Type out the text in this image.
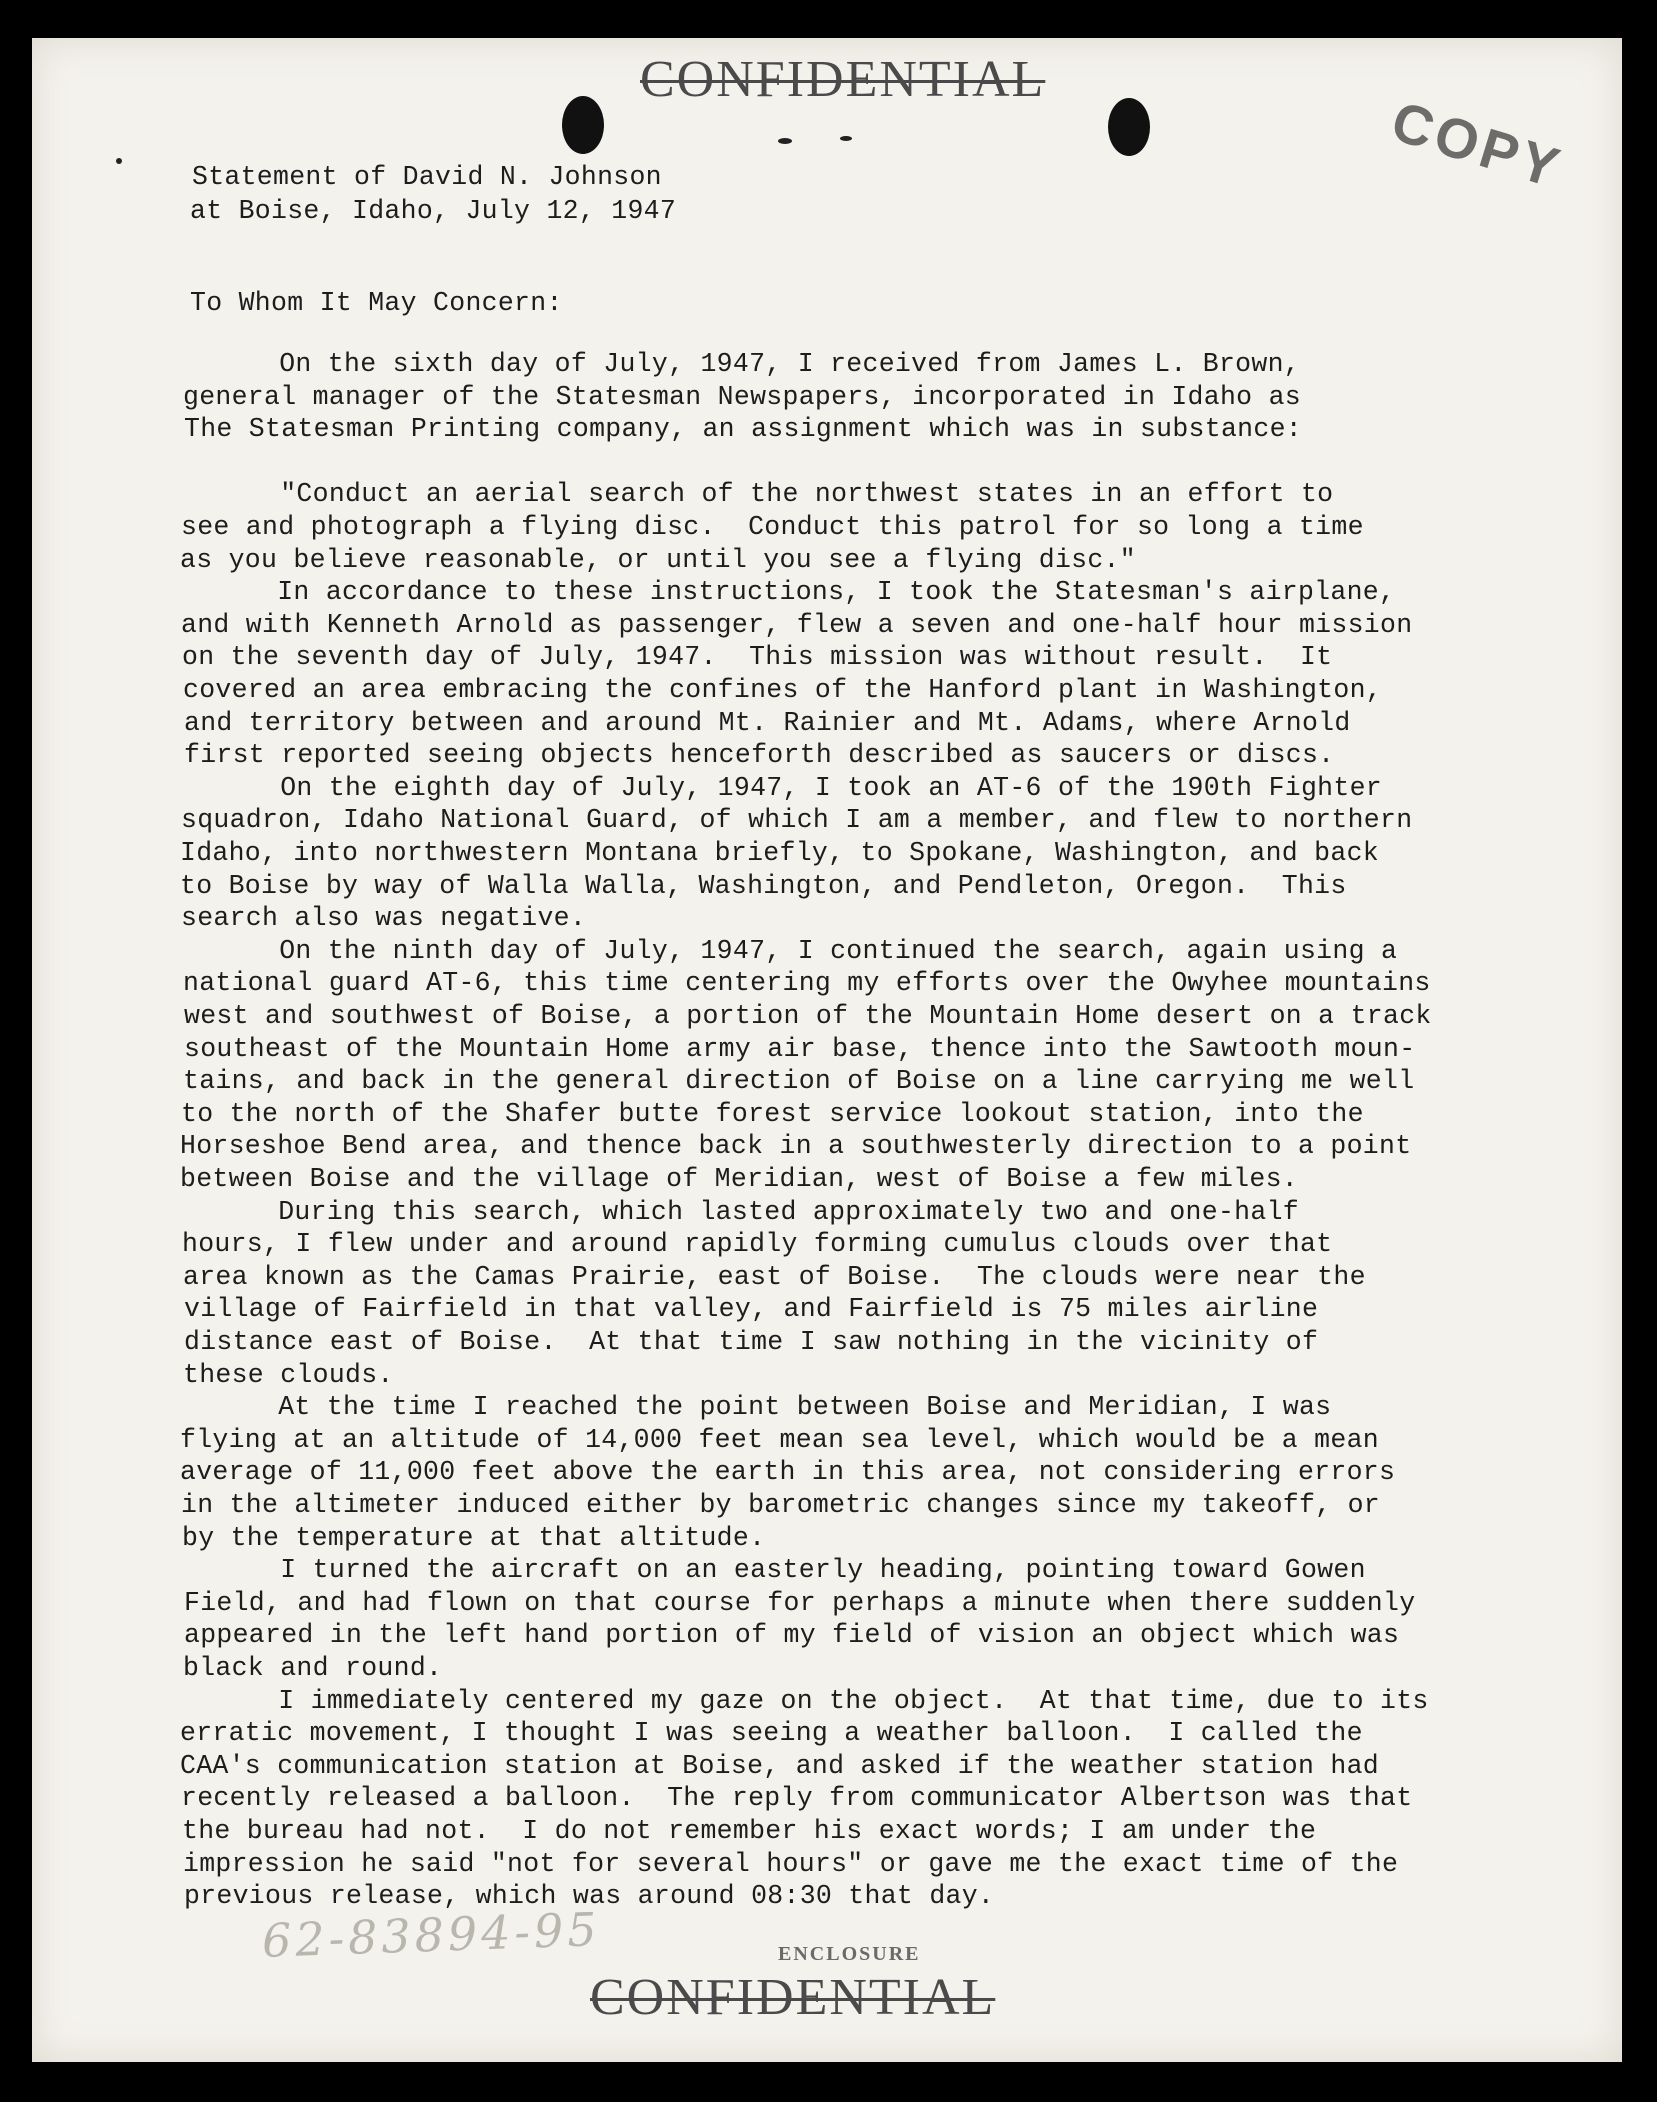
CONFIDENTIAL
COPY
Statement of David N. Johnson
at Boise, Idaho, July 12, 1947
To Whom It May Concern:
On the sixth day of July, 1947, I received from James L. Brown,
general manager of the Statesman Newspapers, incorporated in Idaho as
The Statesman Printing company, an assignment which was in substance:
"Conduct an aerial search of the northwest states in an effort to
see and photograph a flying disc.  Conduct this patrol for so long a time
as you believe reasonable, or until you see a flying disc."
In accordance to these instructions, I took the Statesman's airplane,
and with Kenneth Arnold as passenger, flew a seven and one-half hour mission
on the seventh day of July, 1947.  This mission was without result.  It
covered an area embracing the confines of the Hanford plant in Washington,
and territory between and around Mt. Rainier and Mt. Adams, where Arnold
first reported seeing objects henceforth described as saucers or discs.
On the eighth day of July, 1947, I took an AT-6 of the 190th Fighter
squadron, Idaho National Guard, of which I am a member, and flew to northern
Idaho, into northwestern Montana briefly, to Spokane, Washington, and back
to Boise by way of Walla Walla, Washington, and Pendleton, Oregon.  This
search also was negative.
On the ninth day of July, 1947, I continued the search, again using a
national guard AT-6, this time centering my efforts over the Owyhee mountains
west and southwest of Boise, a portion of the Mountain Home desert on a track
southeast of the Mountain Home army air base, thence into the Sawtooth moun-
tains, and back in the general direction of Boise on a line carrying me well
to the north of the Shafer butte forest service lookout station, into the
Horseshoe Bend area, and thence back in a southwesterly direction to a point
between Boise and the village of Meridian, west of Boise a few miles.
During this search, which lasted approximately two and one-half
hours, I flew under and around rapidly forming cumulus clouds over that
area known as the Camas Prairie, east of Boise.  The clouds were near the
village of Fairfield in that valley, and Fairfield is 75 miles airline
distance east of Boise.  At that time I saw nothing in the vicinity of
these clouds.
At the time I reached the point between Boise and Meridian, I was
flying at an altitude of 14,000 feet mean sea level, which would be a mean
average of 11,000 feet above the earth in this area, not considering errors
in the altimeter induced either by barometric changes since my takeoff, or
by the temperature at that altitude.
I turned the aircraft on an easterly heading, pointing toward Gowen
Field, and had flown on that course for perhaps a minute when there suddenly
appeared in the left hand portion of my field of vision an object which was
black and round.
I immediately centered my gaze on the object.  At that time, due to its
erratic movement, I thought I was seeing a weather balloon.  I called the
CAA's communication station at Boise, and asked if the weather station had
recently released a balloon.  The reply from communicator Albertson was that
the bureau had not.  I do not remember his exact words; I am under the
impression he said "not for several hours" or gave me the exact time of the
previous release, which was around 08:30 that day.
62-83894-95	ENCLOSURE
CONFIDENTIAL
